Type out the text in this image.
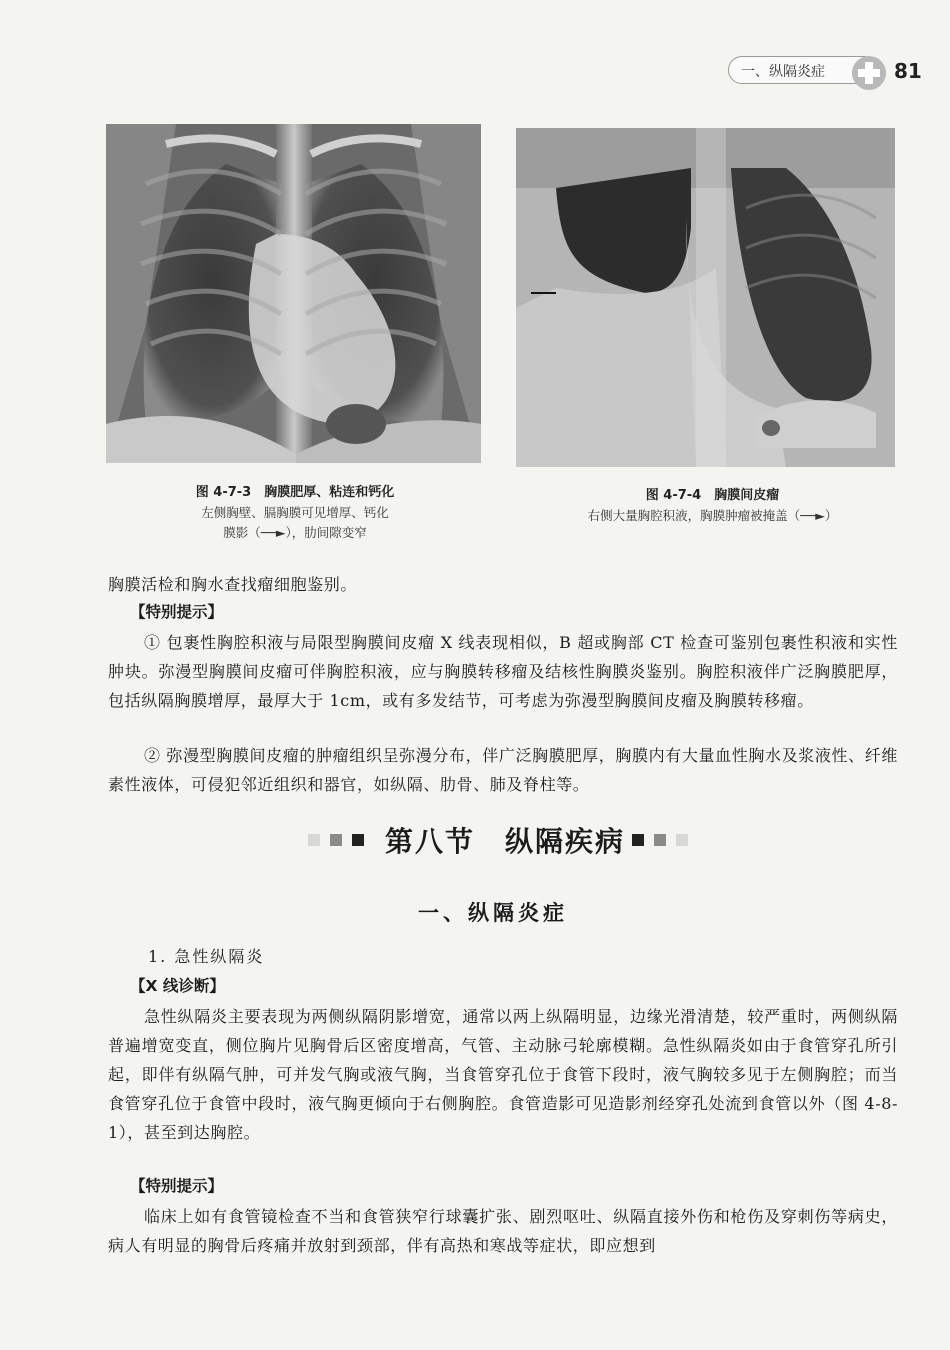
一、纵隔炎症	81
图 4-7-3　胸膜肥厚、粘连和钙化
左侧胸壁、膈胸膜可见增厚、钙化
膜影（──►），肋间隙变窄
图 4-7-4　胸膜间皮瘤
右侧大量胸腔积液，胸膜肿瘤被掩盖（──►）
胸膜活检和胸水查找瘤细胞鉴别。
【特别提示】
① 包裹性胸腔积液与局限型胸膜间皮瘤 X 线表现相似，B 超或胸部 CT 检查可鉴别包裹性积液和实性肿块。弥漫型胸膜间皮瘤可伴胸腔积液，应与胸膜转移瘤及结核性胸膜炎鉴别。胸腔积液伴广泛胸膜肥厚，包括纵隔胸膜增厚，最厚大于 1cm，或有多发结节，可考虑为弥漫型胸膜间皮瘤及胸膜转移瘤。
② 弥漫型胸膜间皮瘤的肿瘤组织呈弥漫分布，伴广泛胸膜肥厚，胸膜内有大量血性胸水及浆液性、纤维素性液体，可侵犯邻近组织和器官，如纵隔、肋骨、肺及脊柱等。
第八节　纵隔疾病
一、纵隔炎症
1. 急性纵隔炎
【X 线诊断】
急性纵隔炎主要表现为两侧纵隔阴影增宽，通常以两上纵隔明显，边缘光滑清楚，较严重时，两侧纵隔普遍增宽变直，侧位胸片见胸骨后区密度增高，气管、主动脉弓轮廓模糊。急性纵隔炎如由于食管穿孔所引起，即伴有纵隔气肿，可并发气胸或液气胸，当食管穿孔位于食管下段时，液气胸较多见于左侧胸腔；而当食管穿孔位于食管中段时，液气胸更倾向于右侧胸腔。食管造影可见造影剂经穿孔处流到食管以外（图 4-8-1），甚至到达胸腔。
【特别提示】
临床上如有食管镜检查不当和食管狭窄行球囊扩张、剧烈呕吐、纵隔直接外伤和枪伤及穿刺伤等病史，病人有明显的胸骨后疼痛并放射到颈部，伴有高热和寒战等症状，即应想到
